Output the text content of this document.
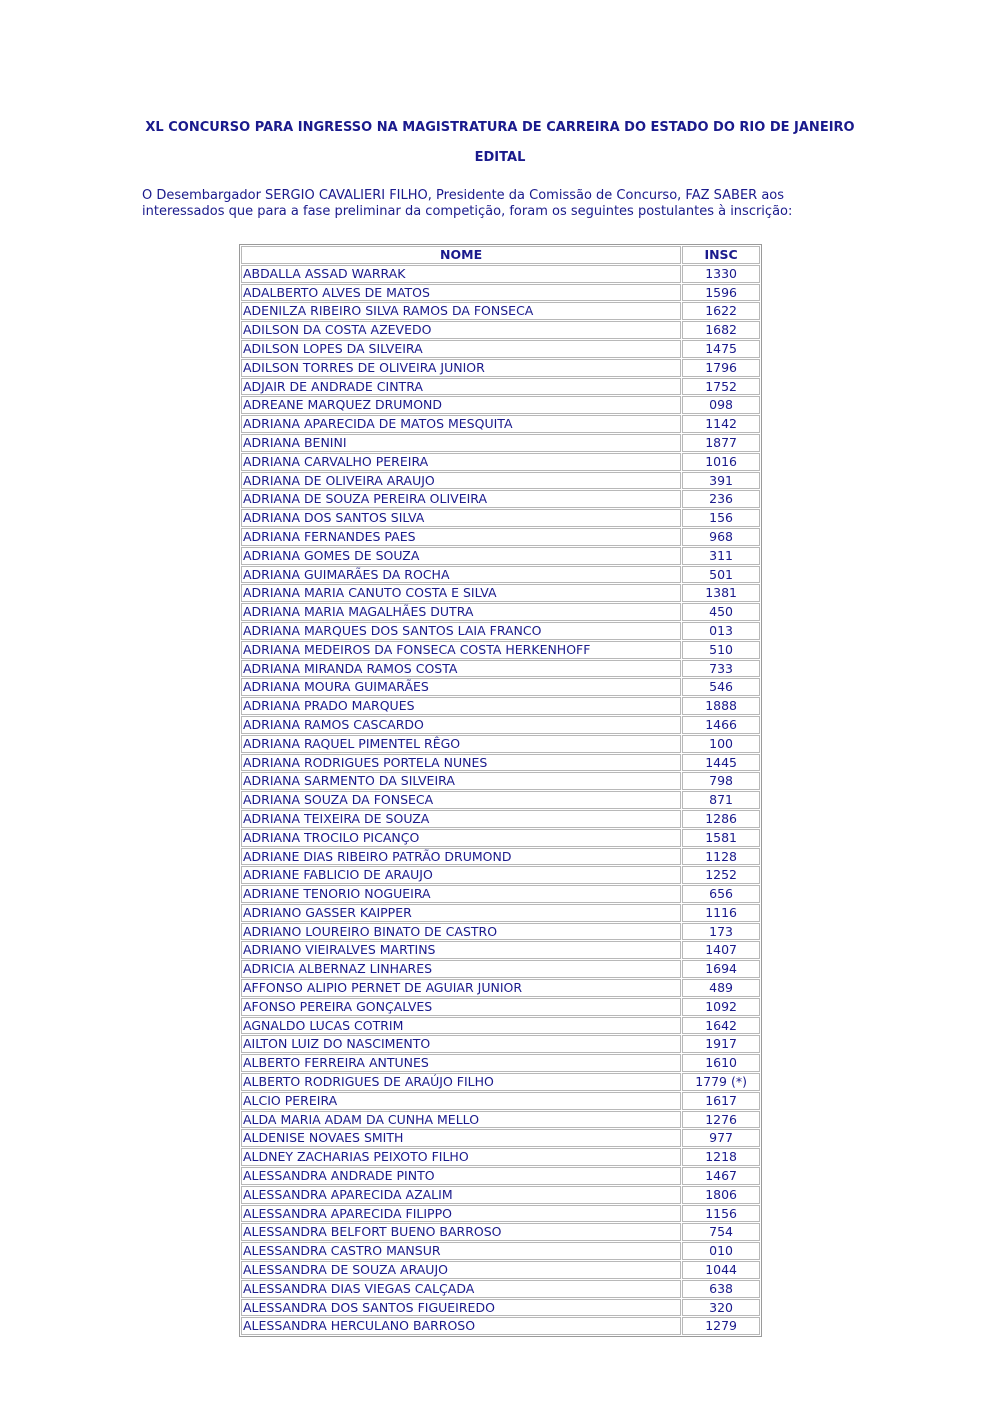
XL CONCURSO PARA INGRESSO NA MAGISTRATURA DE CARREIRA DO ESTADO DO RIO DE JANEIRO
EDITAL
O Desembargador SERGIO CAVALIERI FILHO, Presidente da Comissão de Concurso, FAZ SABER aos interessados que para a fase preliminar da competição, foram os seguintes postulantes à inscrição:
NOME	INSC
ABDALLA ASSAD WARRAK	1330
ADALBERTO ALVES DE MATOS	1596
ADENILZA RIBEIRO SILVA RAMOS DA FONSECA	1622
ADILSON DA COSTA AZEVEDO	1682
ADILSON LOPES DA SILVEIRA	1475
ADILSON TORRES DE OLIVEIRA JUNIOR	1796
ADJAIR DE ANDRADE CINTRA	1752
ADREANE MARQUEZ DRUMOND	098
ADRIANA APARECIDA DE MATOS MESQUITA	1142
ADRIANA BENINI	1877
ADRIANA CARVALHO PEREIRA	1016
ADRIANA DE OLIVEIRA ARAUJO	391
ADRIANA DE SOUZA PEREIRA OLIVEIRA	236
ADRIANA DOS SANTOS SILVA	156
ADRIANA FERNANDES PAES	968
ADRIANA GOMES DE SOUZA	311
ADRIANA GUIMARÃES DA ROCHA	501
ADRIANA MARIA CANUTO COSTA E SILVA	1381
ADRIANA MARIA MAGALHÃES DUTRA	450
ADRIANA MARQUES DOS SANTOS LAIA FRANCO	013
ADRIANA MEDEIROS DA FONSECA COSTA HERKENHOFF	510
ADRIANA MIRANDA RAMOS COSTA	733
ADRIANA MOURA GUIMARÃES	546
ADRIANA PRADO MARQUES	1888
ADRIANA RAMOS CASCARDO	1466
ADRIANA RAQUEL PIMENTEL RÊGO	100
ADRIANA RODRIGUES PORTELA NUNES	1445
ADRIANA SARMENTO DA SILVEIRA	798
ADRIANA SOUZA DA FONSECA	871
ADRIANA TEIXEIRA DE SOUZA	1286
ADRIANA TROCILO PICANÇO	1581
ADRIANE DIAS RIBEIRO PATRÃO DRUMOND	1128
ADRIANE FABLICIO DE ARAUJO	1252
ADRIANE TENORIO NOGUEIRA	656
ADRIANO GASSER KAIPPER	1116
ADRIANO LOUREIRO BINATO DE CASTRO	173
ADRIANO VIEIRALVES MARTINS	1407
ADRICIA ALBERNAZ LINHARES	1694
AFFONSO ALIPIO PERNET DE AGUIAR JUNIOR	489
AFONSO PEREIRA GONÇALVES	1092
AGNALDO LUCAS COTRIM	1642
AILTON LUIZ DO NASCIMENTO	1917
ALBERTO FERREIRA ANTUNES	1610
ALBERTO RODRIGUES DE ARAÚJO FILHO	1779 (*)
ALCIO PEREIRA	1617
ALDA MARIA ADAM DA CUNHA MELLO	1276
ALDENISE NOVAES SMITH	977
ALDNEY ZACHARIAS PEIXOTO FILHO	1218
ALESSANDRA ANDRADE PINTO	1467
ALESSANDRA APARECIDA AZALIM	1806
ALESSANDRA APARECIDA FILIPPO	1156
ALESSANDRA BELFORT BUENO BARROSO	754
ALESSANDRA CASTRO MANSUR	010
ALESSANDRA DE SOUZA ARAUJO	1044
ALESSANDRA DIAS VIEGAS CALÇADA	638
ALESSANDRA DOS SANTOS FIGUEIREDO	320
ALESSANDRA HERCULANO BARROSO	1279
